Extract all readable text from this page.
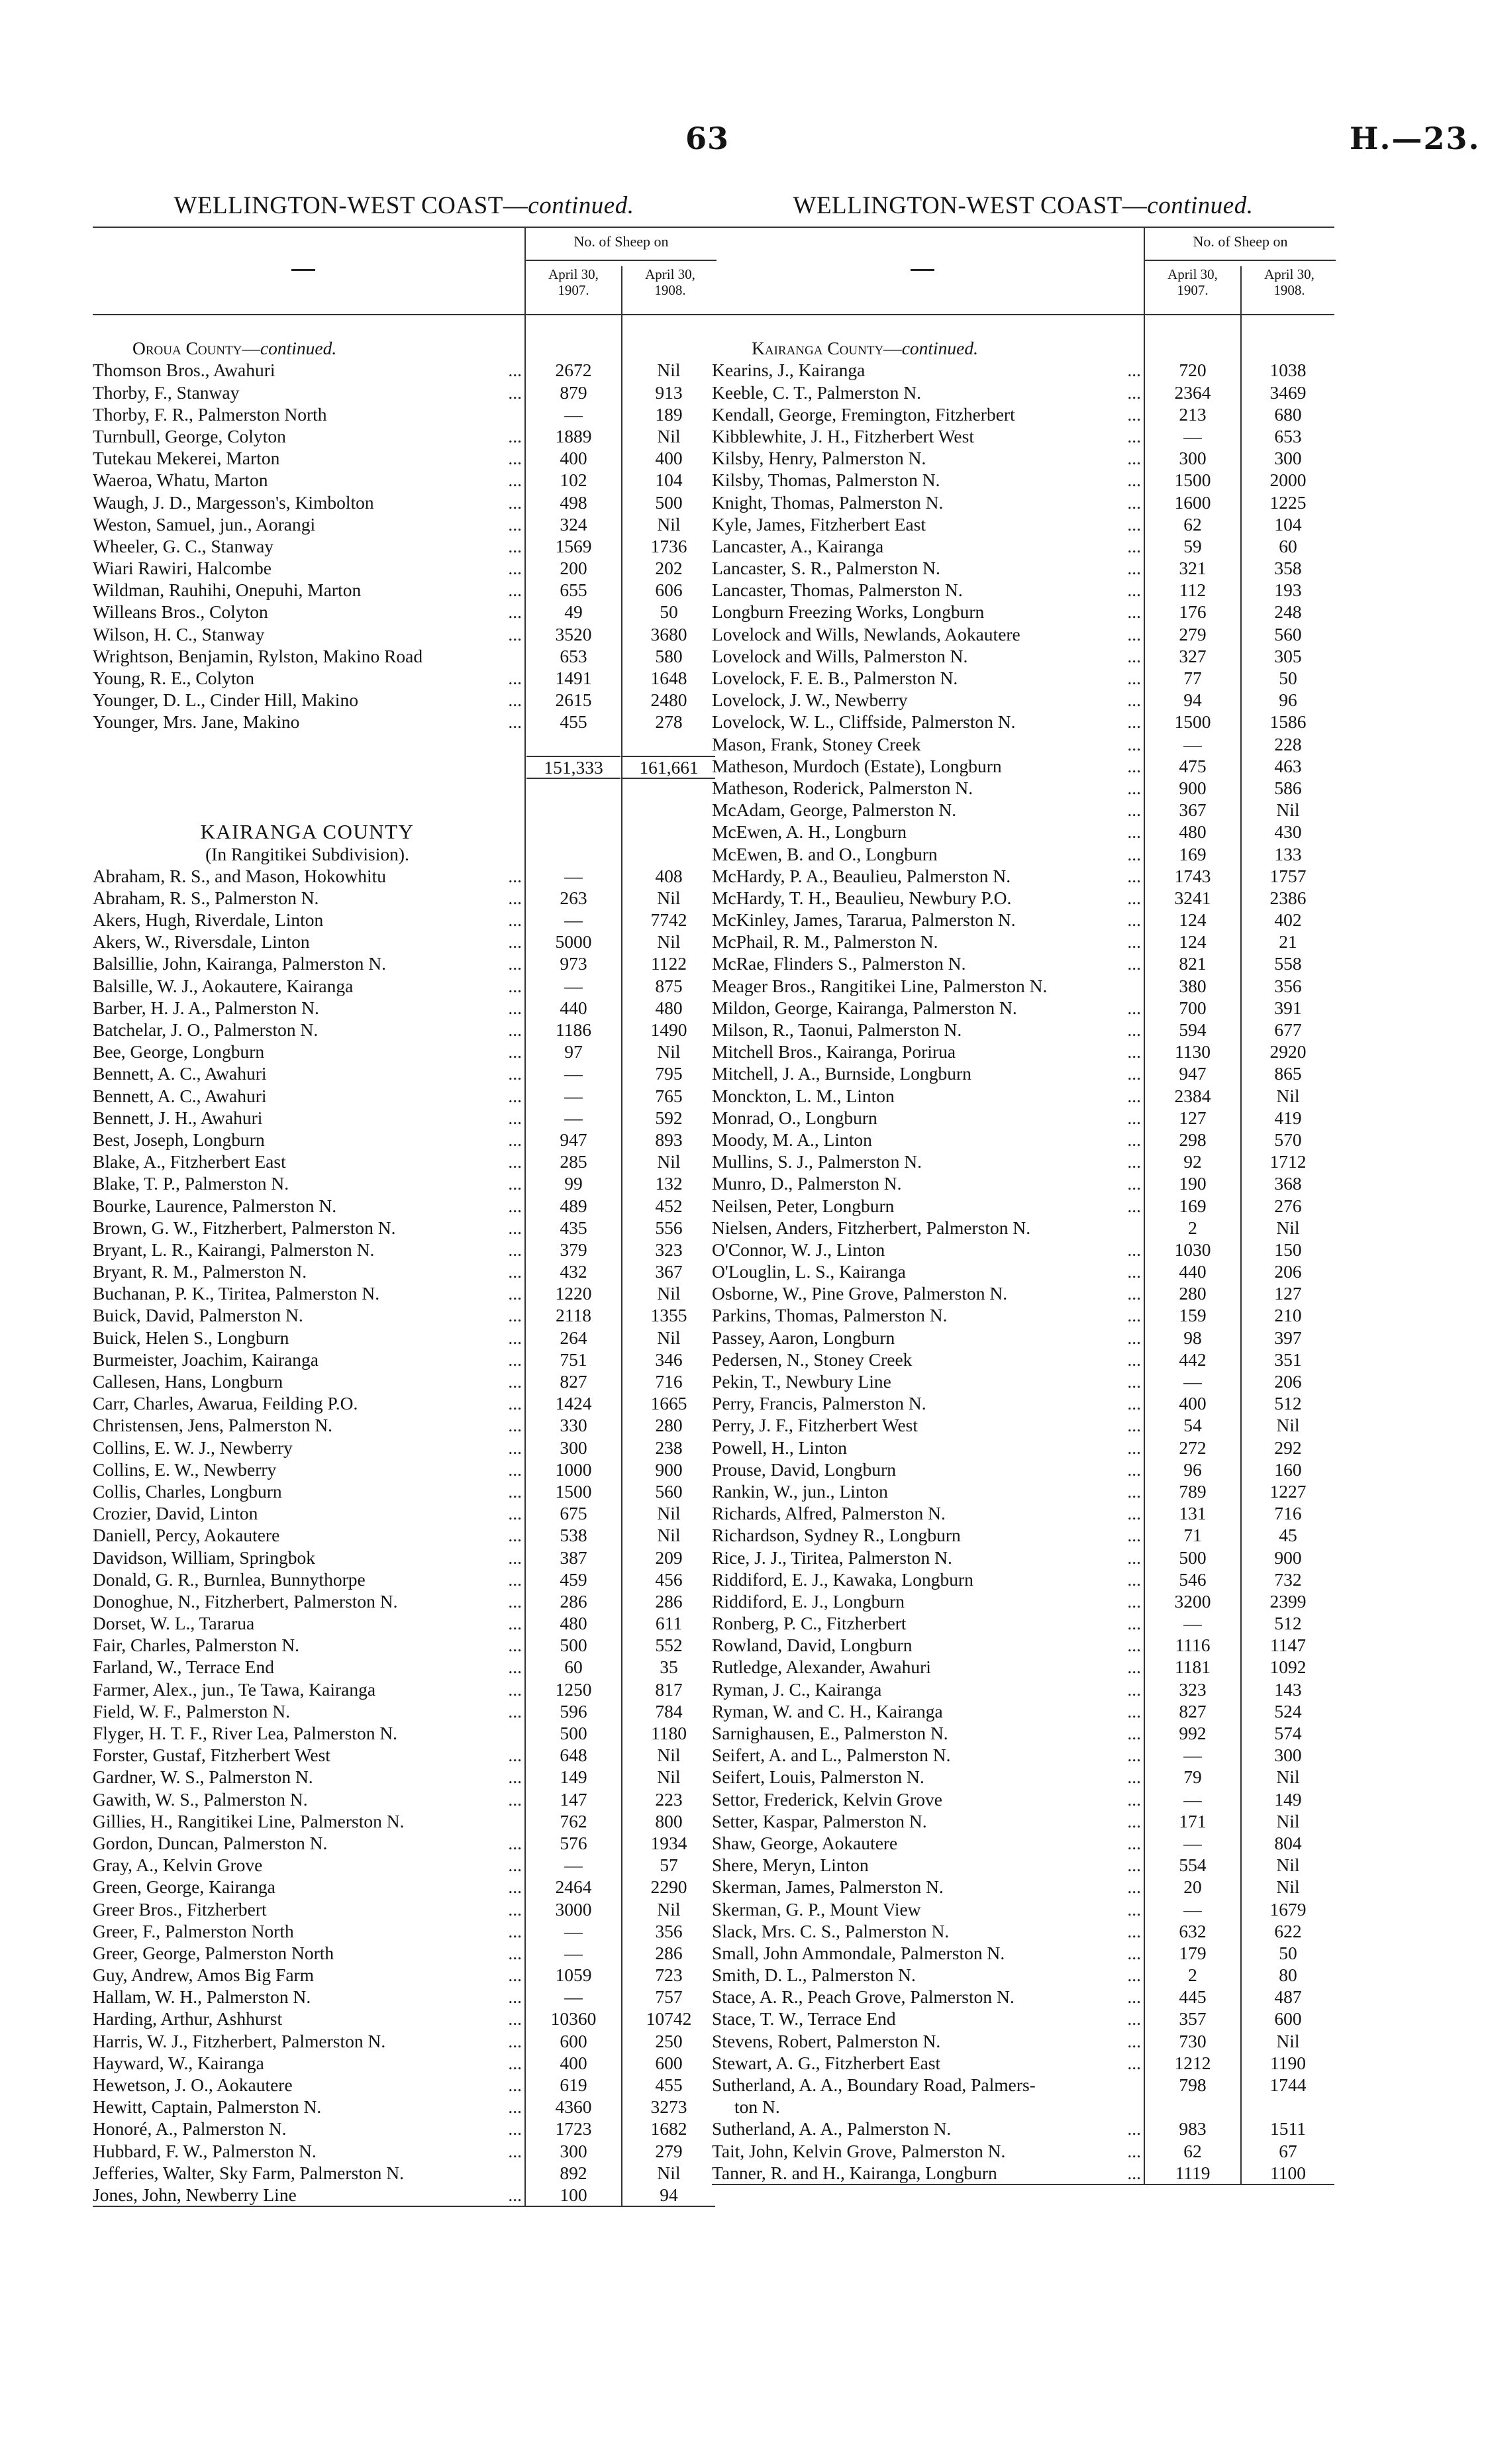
63	H.—23.
WELLINGTON-WEST COAST—continued.
No. of Sheep on
April 30,
1907.
April 30,
1908.
Oroua County—continued.
Thomson Bros., Awahuri ...	2672	Nil
Thorby, F., Stanway ...	879	913
Thorby, F. R., Palmerston North	—	189
Turnbull, George, Colyton ...	1889	Nil
Tutekau Mekerei, Marton ...	400	400
Waeroa, Whatu, Marton ...	102	104
Waugh, J. D., Margesson's, Kimbolton ...	498	500
Weston, Samuel, jun., Aorangi ...	324	Nil
Wheeler, G. C., Stanway ...	1569	1736
Wiari Rawiri, Halcombe ...	200	202
Wildman, Rauhihi, Onepuhi, Marton ...	655	606
Willeans Bros., Colyton ...	49	50
Wilson, H. C., Stanway ...	3520	3680
Wrightson, Benjamin, Rylston, Makino Road	653	580
Young, R. E., Colyton ...	1491	1648
Younger, D. L., Cinder Hill, Makino ...	2615	2480
Younger, Mrs. Jane, Makino ...	455	278
151,333	161,661
KAIRANGA COUNTY
(In Rangitikei Subdivision).
Abraham, R. S., and Mason, Hokowhitu ...	—	408
Abraham, R. S., Palmerston N. ...	263	Nil
Akers, Hugh, Riverdale, Linton ...	—	7742
Akers, W., Riversdale, Linton ...	5000	Nil
Balsillie, John, Kairanga, Palmerston N. ...	973	1122
Balsille, W. J., Aokautere, Kairanga ...	—	875
Barber, H. J. A., Palmerston N. ...	440	480
Batchelar, J. O., Palmerston N. ...	1186	1490
Bee, George, Longburn ...	97	Nil
Bennett, A. C., Awahuri ...	—	795
Bennett, A. C., Awahuri ...	—	765
Bennett, J. H., Awahuri ...	—	592
Best, Joseph, Longburn ...	947	893
Blake, A., Fitzherbert East ...	285	Nil
Blake, T. P., Palmerston N. ...	99	132
Bourke, Laurence, Palmerston N. ...	489	452
Brown, G. W., Fitzherbert, Palmerston N. ...	435	556
Bryant, L. R., Kairangi, Palmerston N. ...	379	323
Bryant, R. M., Palmerston N. ...	432	367
Buchanan, P. K., Tiritea, Palmerston N. ...	1220	Nil
Buick, David, Palmerston N. ...	2118	1355
Buick, Helen S., Longburn ...	264	Nil
Burmeister, Joachim, Kairanga ...	751	346
Callesen, Hans, Longburn ...	827	716
Carr, Charles, Awarua, Feilding P.O. ...	1424	1665
Christensen, Jens, Palmerston N. ...	330	280
Collins, E. W. J., Newberry ...	300	238
Collins, E. W., Newberry ...	1000	900
Collis, Charles, Longburn ...	1500	560
Crozier, David, Linton ...	675	Nil
Daniell, Percy, Aokautere ...	538	Nil
Davidson, William, Springbok ...	387	209
Donald, G. R., Burnlea, Bunnythorpe ...	459	456
Donoghue, N., Fitzherbert, Palmerston N. ...	286	286
Dorset, W. L., Tararua ...	480	611
Fair, Charles, Palmerston N. ...	500	552
Farland, W., Terrace End ...	60	35
Farmer, Alex., jun., Te Tawa, Kairanga ...	1250	817
Field, W. F., Palmerston N. ...	596	784
Flyger, H. T. F., River Lea, Palmerston N.	500	1180
Forster, Gustaf, Fitzherbert West ...	648	Nil
Gardner, W. S., Palmerston N. ...	149	Nil
Gawith, W. S., Palmerston N. ...	147	223
Gillies, H., Rangitikei Line, Palmerston N.	762	800
Gordon, Duncan, Palmerston N. ...	576	1934
Gray, A., Kelvin Grove ...	—	57
Green, George, Kairanga ...	2464	2290
Greer Bros., Fitzherbert ...	3000	Nil
Greer, F., Palmerston North ...	—	356
Greer, George, Palmerston North ...	—	286
Guy, Andrew, Amos Big Farm ...	1059	723
Hallam, W. H., Palmerston N. ...	—	757
Harding, Arthur, Ashhurst ...	10360	10742
Harris, W. J., Fitzherbert, Palmerston N. ...	600	250
Hayward, W., Kairanga ...	400	600
Hewetson, J. O., Aokautere ...	619	455
Hewitt, Captain, Palmerston N. ...	4360	3273
Honoré, A., Palmerston N. ...	1723	1682
Hubbard, F. W., Palmerston N. ...	300	279
Jefferies, Walter, Sky Farm, Palmerston N.	892	Nil
Jones, John, Newberry Line ...	100	94
WELLINGTON-WEST COAST—continued.
No. of Sheep on
April 30,
1907.
April 30,
1908.
Kairanga County—continued.
Kearins, J., Kairanga ...	720	1038
Keeble, C. T., Palmerston N. ...	2364	3469
Kendall, George, Fremington, Fitzherbert ...	213	680
Kibblewhite, J. H., Fitzherbert West ...	—	653
Kilsby, Henry, Palmerston N. ...	300	300
Kilsby, Thomas, Palmerston N. ...	1500	2000
Knight, Thomas, Palmerston N. ...	1600	1225
Kyle, James, Fitzherbert East ...	62	104
Lancaster, A., Kairanga ...	59	60
Lancaster, S. R., Palmerston N. ...	321	358
Lancaster, Thomas, Palmerston N. ...	112	193
Longburn Freezing Works, Longburn ...	176	248
Lovelock and Wills, Newlands, Aokautere ...	279	560
Lovelock and Wills, Palmerston N. ...	327	305
Lovelock, F. E. B., Palmerston N. ...	77	50
Lovelock, J. W., Newberry ...	94	96
Lovelock, W. L., Cliffside, Palmerston N. ...	1500	1586
Mason, Frank, Stoney Creek ...	—	228
Matheson, Murdoch (Estate), Longburn ...	475	463
Matheson, Roderick, Palmerston N. ...	900	586
McAdam, George, Palmerston N. ...	367	Nil
McEwen, A. H., Longburn ...	480	430
McEwen, B. and O., Longburn ...	169	133
McHardy, P. A., Beaulieu, Palmerston N. ...	1743	1757
McHardy, T. H., Beaulieu, Newbury P.O. ...	3241	2386
McKinley, James, Tararua, Palmerston N. ...	124	402
McPhail, R. M., Palmerston N. ...	124	21
McRae, Flinders S., Palmerston N. ...	821	558
Meager Bros., Rangitikei Line, Palmerston N.	380	356
Mildon, George, Kairanga, Palmerston N. ...	700	391
Milson, R., Taonui, Palmerston N. ...	594	677
Mitchell Bros., Kairanga, Porirua ...	1130	2920
Mitchell, J. A., Burnside, Longburn ...	947	865
Monckton, L. M., Linton ...	2384	Nil
Monrad, O., Longburn ...	127	419
Moody, M. A., Linton ...	298	570
Mullins, S. J., Palmerston N. ...	92	1712
Munro, D., Palmerston N. ...	190	368
Neilsen, Peter, Longburn ...	169	276
Nielsen, Anders, Fitzherbert, Palmerston N.	2	Nil
O'Connor, W. J., Linton ...	1030	150
O'Louglin, L. S., Kairanga ...	440	206
Osborne, W., Pine Grove, Palmerston N. ...	280	127
Parkins, Thomas, Palmerston N. ...	159	210
Passey, Aaron, Longburn ...	98	397
Pedersen, N., Stoney Creek ...	442	351
Pekin, T., Newbury Line ...	—	206
Perry, Francis, Palmerston N. ...	400	512
Perry, J. F., Fitzherbert West ...	54	Nil
Powell, H., Linton ...	272	292
Prouse, David, Longburn ...	96	160
Rankin, W., jun., Linton ...	789	1227
Richards, Alfred, Palmerston N. ...	131	716
Richardson, Sydney R., Longburn ...	71	45
Rice, J. J., Tiritea, Palmerston N. ...	500	900
Riddiford, E. J., Kawaka, Longburn ...	546	732
Riddiford, E. J., Longburn ...	3200	2399
Ronberg, P. C., Fitzherbert ...	—	512
Rowland, David, Longburn ...	1116	1147
Rutledge, Alexander, Awahuri ...	1181	1092
Ryman, J. C., Kairanga ...	323	143
Ryman, W. and C. H., Kairanga ...	827	524
Sarnighausen, E., Palmerston N. ...	992	574
Seifert, A. and L., Palmerston N. ...	—	300
Seifert, Louis, Palmerston N. ...	79	Nil
Settor, Frederick, Kelvin Grove ...	—	149
Setter, Kaspar, Palmerston N. ...	171	Nil
Shaw, George, Aokautere ...	—	804
Shere, Meryn, Linton ...	554	Nil
Skerman, James, Palmerston N. ...	20	Nil
Skerman, G. P., Mount View ...	—	1679
Slack, Mrs. C. S., Palmerston N. ...	632	622
Small, John Ammondale, Palmerston N. ...	179	50
Smith, D. L., Palmerston N. ...	2	80
Stace, A. R., Peach Grove, Palmerston N. ...	445	487
Stace, T. W., Terrace End ...	357	600
Stevens, Robert, Palmerston N. ...	730	Nil
Stewart, A. G., Fitzherbert East ...	1212	1190
Sutherland, A. A., Boundary Road, Palmers-	798	1744
ton N.
Sutherland, A. A., Palmerston N. ...	983	1511
Tait, John, Kelvin Grove, Palmerston N. ...	62	67
Tanner, R. and H., Kairanga, Longburn ...	1119	1100
